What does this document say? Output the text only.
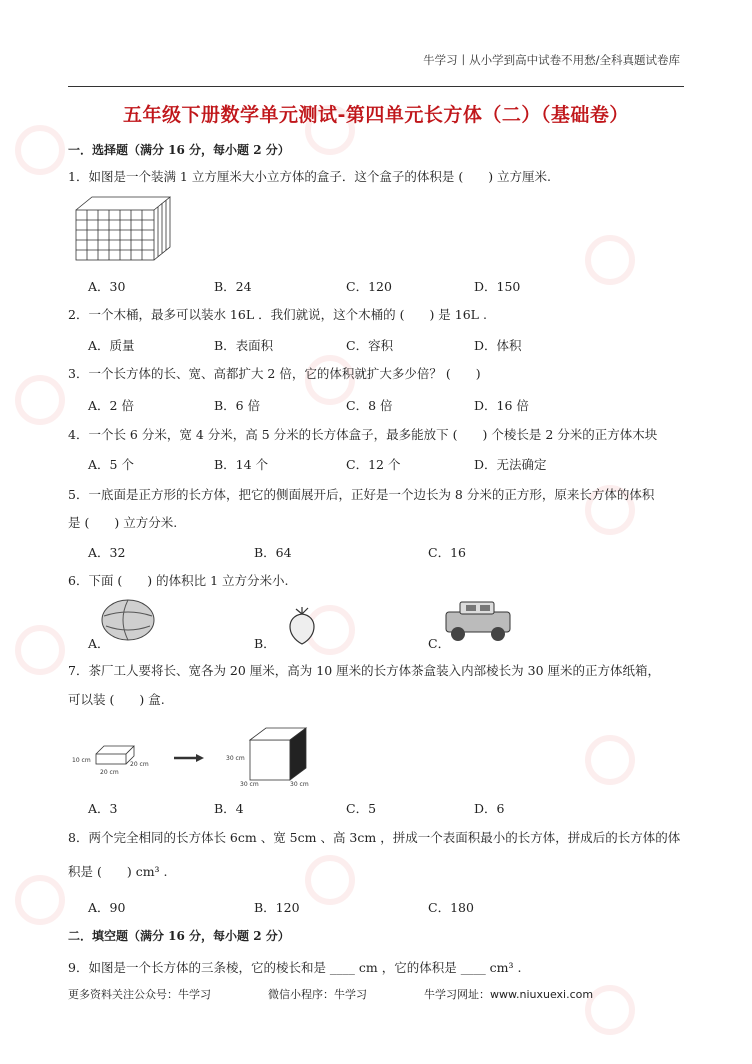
牛学习丨从小学到高中试卷不用愁/全科真题试卷库
五年级下册数学单元测试-第四单元长方体（二）（基础卷）
一．选择题（满分 16 分，每小题 2 分）
1．如图是一个装满 1 立方厘米大小立方体的盒子．这个盒子的体积是 (　　) 立方厘米.
A．30	B．24	C．120	D．150
2．一个木桶，最多可以装水 16L ．我们就说，这个木桶的 (　　) 是 16L .
A．质量	B．表面积	C．容积	D．体积
3．一个长方体的长、宽、高都扩大 2 倍，它的体积就扩大多少倍？ (　　)
A．2 倍	B．6 倍	C．8 倍	D．16 倍
4．一个长 6 分米，宽 4 分米，高 5 分米的长方体盒子，最多能放下 (　　) 个棱长是 2 分米的正方体木块
A．5 个	B．14 个	C．12 个	D．无法确定
5．一底面是正方形的长方体，把它的侧面展开后，正好是一个边长为 8 分米的正方形，原来长方体的体积
是 (　　) 立方分米.
A．32	B．64	C．16
6．下面 (　　) 的体积比 1 立方分米小.
A．	B．	C．
7．茶厂工人要将长、宽各为 20 厘米，高为 10 厘米的长方体茶盒装入内部棱长为 30 厘米的正方体纸箱，
可以装 (　　) 盒.
10 cm
20 cm
20 cm
30 cm
30 cm	30 cm
A．3	B．4	C．5	D．6
8．两个完全相同的长方体长 6cm 、宽 5cm 、高 3cm ，拼成一个表面积最小的长方体，拼成后的长方体的体
积是 (　　) cm³ .
A．90	B．120	C．180
二．填空题（满分 16 分，每小题 2 分）
9．如图是一个长方体的三条棱，它的棱长和是 ____ cm ，它的体积是 ____ cm³ .
更多资料关注公众号：牛学习	微信小程序：牛学习	牛学习网址：www.niuxuexi.com
